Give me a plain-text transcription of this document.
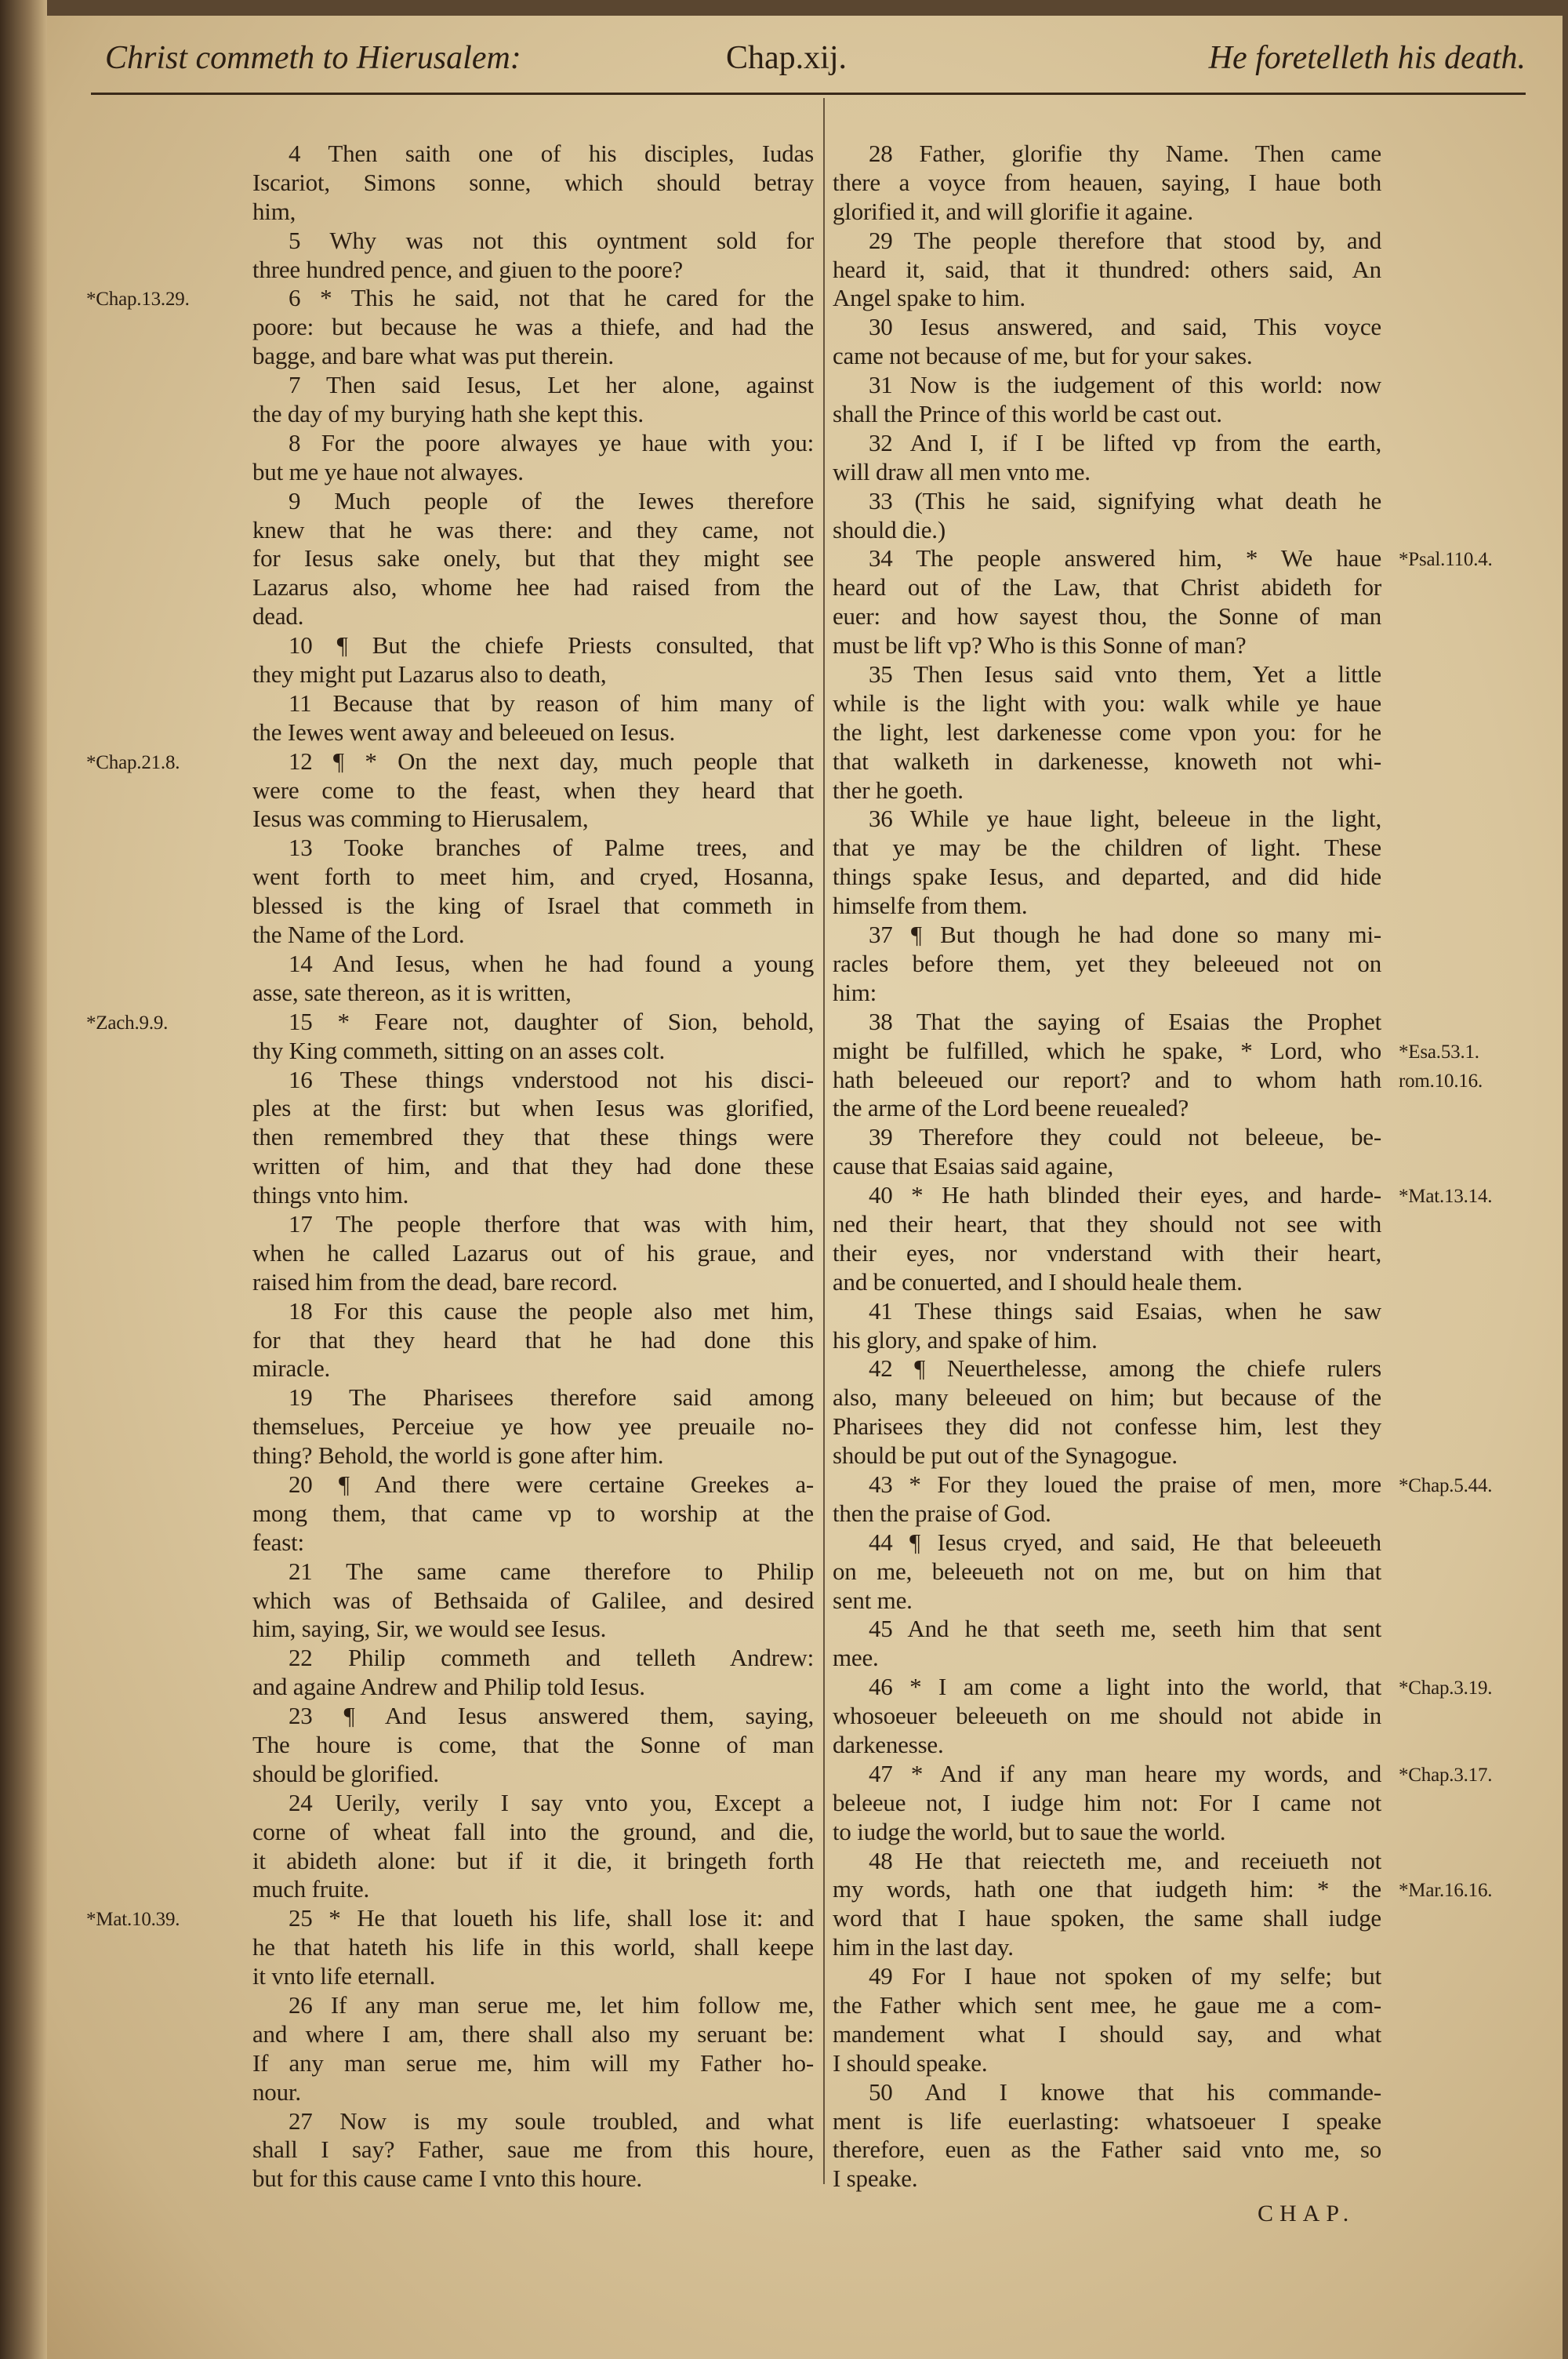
Christ commeth to Hierusalem:	Chap.xij.	He foretelleth his death.
4 Then saith one of his disciples, Iudas
Iscariot, Simons sonne, which should betray
him,
5 Why was not this oyntment sold for
three hundred pence, and giuen to the poore?
6 * This he said, not that he cared for the
*Chap.13.29.
poore: but because he was a thiefe, and had the
bagge, and bare what was put therein.
7 Then said Iesus, Let her alone, against
the day of my burying hath she kept this.
8 For the poore alwayes ye haue with you:
but me ye haue not alwayes.
9 Much people of the Iewes therefore
knew that he was there: and they came, not
for Iesus sake onely, but that they might see
Lazarus also, whome hee had raised from the
dead.
10 ¶ But the chiefe Priests consulted, that
they might put Lazarus also to death,
11 Because that by reason of him many of
the Iewes went away and beleeued on Iesus.
12 ¶ * On the next day, much people that
*Chap.21.8.
were come to the feast, when they heard that
Iesus was comming to Hierusalem,
13 Tooke branches of Palme trees, and
went forth to meet him, and cryed, Hosanna,
blessed is the king of Israel that commeth in
the Name of the Lord.
14 And Iesus, when he had found a young
asse, sate thereon, as it is written,
15 * Feare not, daughter of Sion, behold,
*Zach.9.9.
thy King commeth, sitting on an asses colt.
16 These things vnderstood not his disci-
ples at the first: but when Iesus was glorified,
then remembred they that these things were
written of him, and that they had done these
things vnto him.
17 The people therfore that was with him,
when he called Lazarus out of his graue, and
raised him from the dead, bare record.
18 For this cause the people also met him,
for that they heard that he had done this
miracle.
19 The Pharisees therefore said among
themselues, Perceiue ye how yee preuaile no-
thing? Behold, the world is gone after him.
20 ¶ And there were certaine Greekes a-
mong them, that came vp to worship at the
feast:
21 The same came therefore to Philip
which was of Bethsaida of Galilee, and desired
him, saying, Sir, we would see Iesus.
22 Philip commeth and telleth Andrew:
and againe Andrew and Philip told Iesus.
23 ¶ And Iesus answered them, saying,
The houre is come, that the Sonne of man
should be glorified.
24 Uerily, verily I say vnto you, Except a
corne of wheat fall into the ground, and die,
it abideth alone: but if it die, it bringeth forth
much fruite.
25 * He that loueth his life, shall lose it: and
*Mat.10.39.
he that hateth his life in this world, shall keepe
it vnto life eternall.
26 If any man serue me, let him follow me,
and where I am, there shall also my seruant be:
If any man serue me, him will my Father ho-
nour.
27 Now is my soule troubled, and what
shall I say? Father, saue me from this houre,
but for this cause came I vnto this houre.
28 Father, glorifie thy Name. Then came
there a voyce from heauen, saying, I haue both
glorified it, and will glorifie it againe.
29 The people therefore that stood by, and
heard it, said, that it thundred: others said, An
Angel spake to him.
30 Iesus answered, and said, This voyce
came not because of me, but for your sakes.
31 Now is the iudgement of this world: now
shall the Prince of this world be cast out.
32 And I, if I be lifted vp from the earth,
will draw all men vnto me.
33 (This he said, signifying what death he
should die.)
34 The people answered him, * We haue *Psal.110.4.
heard out of the Law, that Christ abideth for
euer: and how sayest thou, the Sonne of man
must be lift vp? Who is this Sonne of man?
35 Then Iesus said vnto them, Yet a little
while is the light with you: walk while ye haue
the light, lest darkenesse come vpon you: for he
that walketh in darkenesse, knoweth not whi-
ther he goeth.
36 While ye haue light, beleeue in the light,
that ye may be the children of light. These
things spake Iesus, and departed, and did hide
himselfe from them.
37 ¶ But though he had done so many mi-
racles before them, yet they beleeued not on
him:
38 That the saying of Esaias the Prophet
might be fulfilled, which he spake, * Lord, who *Esa.53.1.
hath beleeued our report? and to whom hath rom.10.16.
the arme of the Lord beene reuealed?
39 Therefore they could not beleeue, be-
cause that Esaias said againe,
40 * He hath blinded their eyes, and harde- *Mat.13.14.
ned their heart, that they should not see with
their eyes, nor vnderstand with their heart,
and be conuerted, and I should heale them.
41 These things said Esaias, when he saw
his glory, and spake of him.
42 ¶ Neuerthelesse, among the chiefe rulers
also, many beleeued on him; but because of the
Pharisees they did not confesse him, lest they
should be put out of the Synagogue.
43 * For they loued the praise of men, more *Chap.5.44.
then the praise of God.
44 ¶ Iesus cryed, and said, He that beleeueth
on me, beleeueth not on me, but on him that
sent me.
45 And he that seeth me, seeth him that sent
mee.
46 * I am come a light into the world, that *Chap.3.19.
whosoeuer beleeueth on me should not abide in
darkenesse.
47 * And if any man heare my words, and *Chap.3.17.
beleeue not, I iudge him not: For I came not
to iudge the world, but to saue the world.
48 He that reiecteth me, and receiueth not
my words, hath one that iudgeth him: * the *Mar.16.16.
word that I haue spoken, the same shall iudge
him in the last day.
49 For I haue not spoken of my selfe; but
the Father which sent mee, he gaue me a com-
mandement what I should say, and what
I should speake.
50 And I knowe that his commande-
ment is life euerlasting: whatsoeuer I speake
therefore, euen as the Father said vnto me, so
I speake.
CHAP.
